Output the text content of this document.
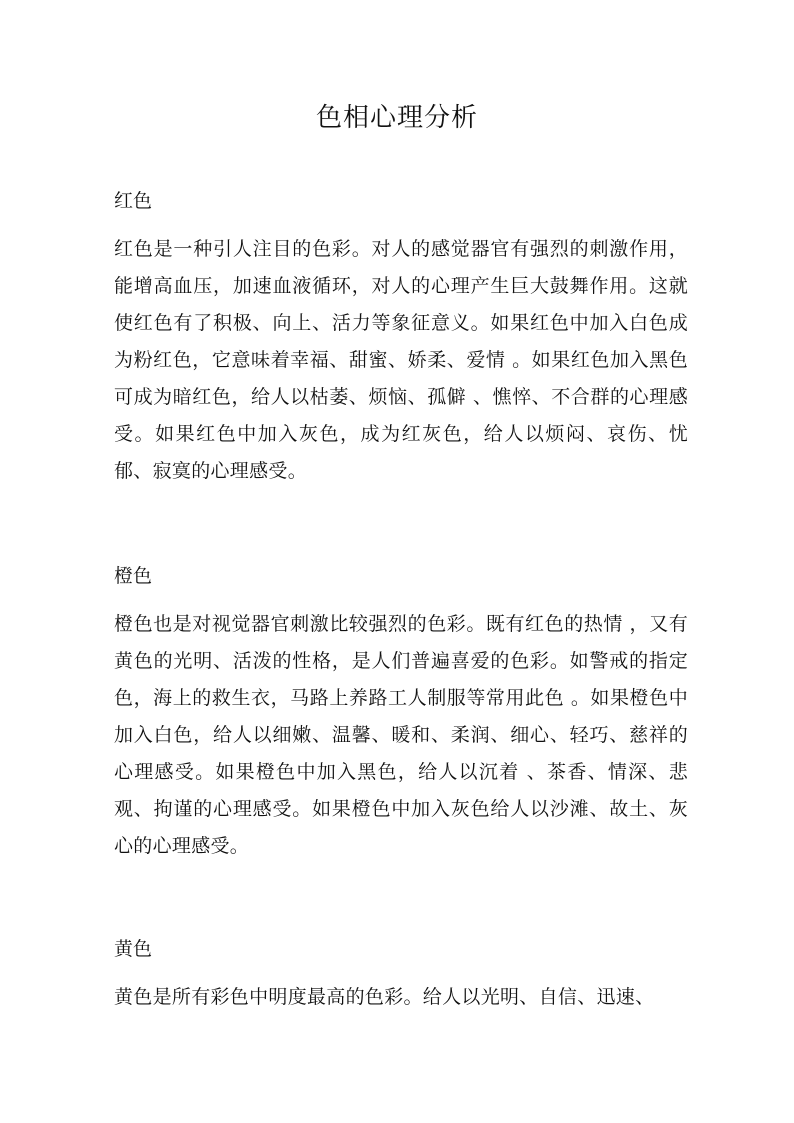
色相心理分析
红色

红色是一种引人注目的色彩。对人的感觉器官有强烈的刺激作用，能增高血压，加速血液循环，对人的心理产生巨大鼓舞作用。这就使红色有了积极、向上、活力等象征意义。如果红色中加入白色成为粉红色，它意味着幸福、甜蜜、娇柔、爱情 。如果红色加入黑色可成为暗红色，给人以枯萎、烦恼、孤僻 、憔悴、不合群的心理感受。如果红色中加入灰色，成为红灰色，给人以烦闷、哀伤、忧郁、寂寞的心理感受。

橙色

橙色也是对视觉器官刺激比较强烈的色彩。既有红色的热情 ，又有黄色的光明、活泼的性格，是人们普遍喜爱的色彩。如警戒的指定色，海上的救生衣，马路上养路工人制服等常用此色 。如果橙色中加入白色，给人以细嫩、温馨、暖和、柔润、细心、轻巧、慈祥的心理感受。如果橙色中加入黑色，给人以沉着 、茶香、情深、悲观、拘谨的心理感受。如果橙色中加入灰色给人以沙滩、故土、灰心的心理感受。

黄色

黄色是所有彩色中明度最高的色彩。给人以光明、自信、迅速、
